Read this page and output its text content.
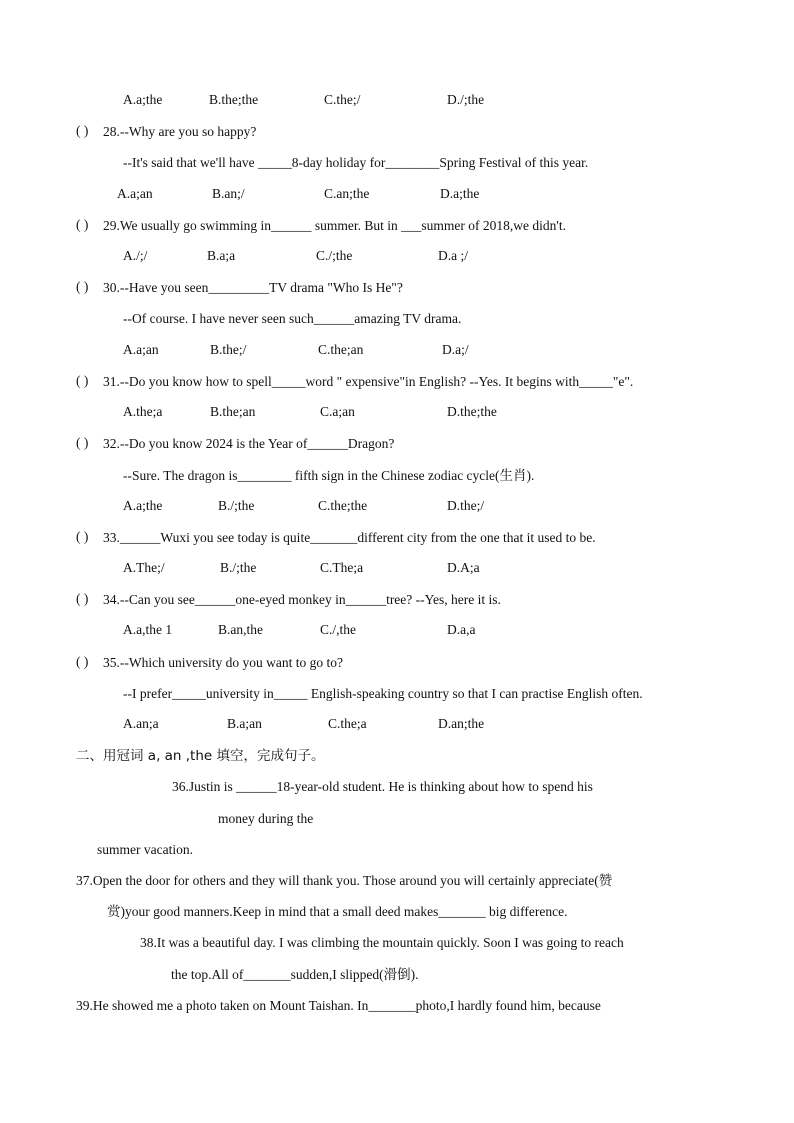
A.a;the	B.the;the	C.the;/	D./;the
( ) 28.--Why are you so happy?
--It's said that we'll have _____8-day holiday for________Spring Festival of this year.
A.a;an	B.an;/	C.an;the	D.a;the
( ) 29.We usually go swimming in______ summer. But in ___summer of 2018,we didn't.
A./;/	B.a;a	C./;the	D.a ;/
( ) 30.--Have you seen_________TV drama "Who Is He"?
--Of course. I have never seen such______amazing TV drama.
A.a;an	B.the;/	C.the;an	D.a;/
( ) 31.--Do you know how to spell_____word " expensive"in English? --Yes. It begins with_____"e".
A.the;a	B.the;an	C.a;an	D.the;the
( ) 32.--Do you know 2024 is the Year of______Dragon?
--Sure. The dragon is________ fifth sign in the Chinese zodiac cycle(生肖).
A.a;the	B./;the	C.the;the	D.the;/
( ) 33.______Wuxi you see today is quite_______different city from the one that it used to be.
A.The;/	B./;the	C.The;a	D.A;a
( ) 34.--Can you see______one-eyed monkey in______tree? --Yes, here it is.
A.a,the 1	B.an,the	C./,the	D.a,a
( ) 35.--Which university do you want to go to?
--I prefer_____university in_____ English-speaking country so that I can practise English often.
A.an;a	B.a;an	C.the;a	D.an;the
二、用冠词 a, an ,the 填空，完成句子。
36.Justin is ______18-year-old student. He is thinking about how to spend his
money during the
summer vacation.
37.Open the door for others and they will thank you. Those around you will certainly appreciate(赞
赏)your good manners.Keep in mind that a small deed makes_______ big difference.
38.It was a beautiful day. I was climbing the mountain quickly. Soon I was going to reach
the top.All of_______sudden,I slipped(滑倒).
39.He showed me a photo taken on Mount Taishan. In_______photo,I hardly found him, because
